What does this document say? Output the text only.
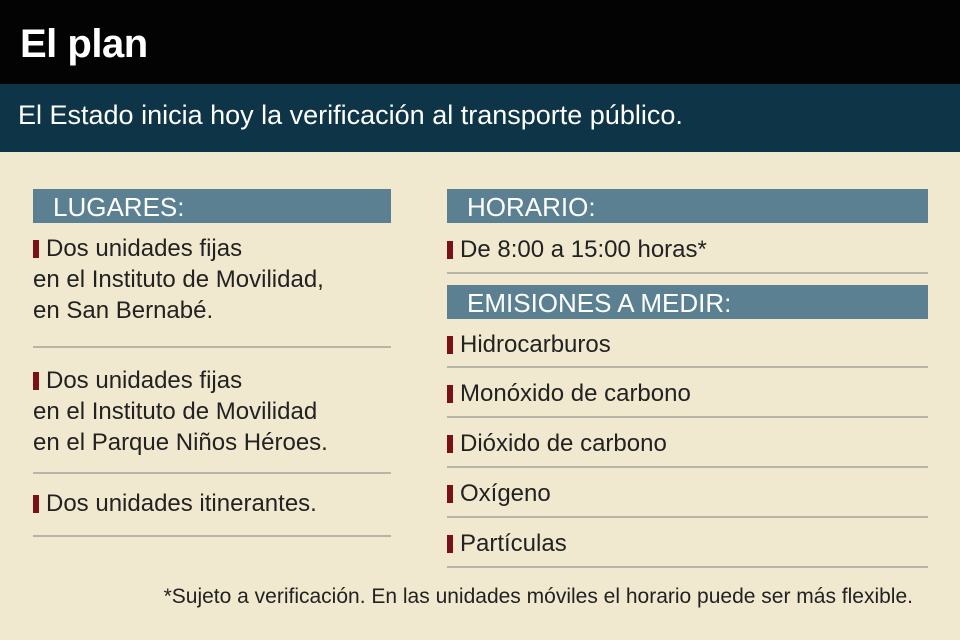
El plan
El Estado inicia hoy la verificación al transporte público.
LUGARES:
Dos unidades fijas
en el Instituto de Movilidad,
en San Bernabé.
Dos unidades fijas
en el Instituto de Movilidad
en el Parque Niños Héroes.
Dos unidades itinerantes.
HORARIO:
De 8:00 a 15:00 horas*
EMISIONES A MEDIR:
Hidrocarburos
Monóxido de carbono
Dióxido de carbono
Oxígeno
Partículas
*Sujeto a verificación. En las unidades móviles el horario puede ser más flexible.
